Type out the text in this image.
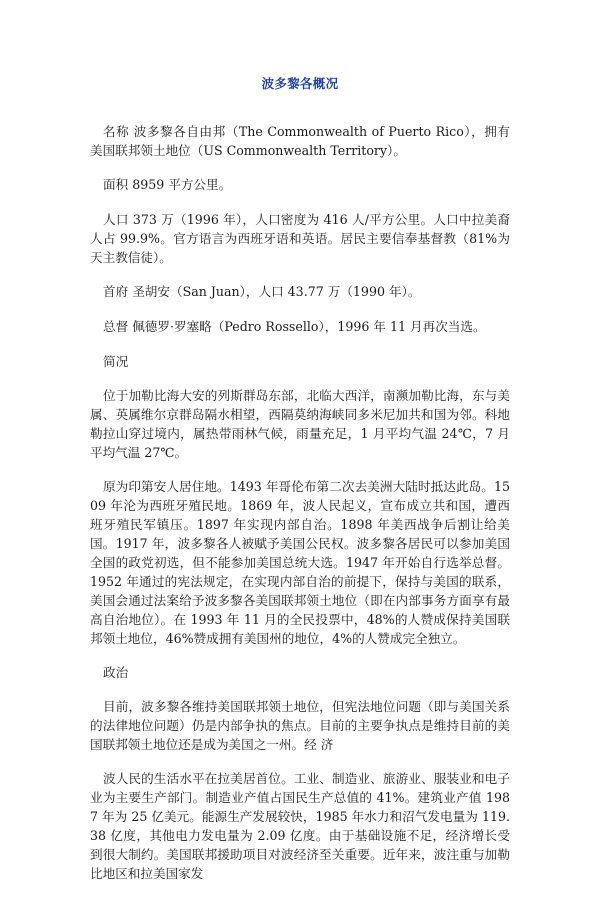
波多黎各概况

名称 波多黎各自由邦（The Commonwealth of Puerto Rico），拥有美国联邦领土地位（US Commonwealth Territory）。

面积 8959 平方公里。

人口 373 万（1996 年），人口密度为 416 人/平方公里。人口中拉美裔人占 99.9%。官方语言为西班牙语和英语。居民主要信奉基督教（81%为天主教信徒）。

首府 圣胡安（San Juan），人口 43.77 万（1990 年）。

总督 佩德罗·罗塞略（Pedro Rossello），1996 年 11 月再次当选。

简况

位于加勒比海大安的列斯群岛东部，北临大西洋，南濒加勒比海，东与美属、英属维尔京群岛隔水相望，西隔莫纳海峡同多米尼加共和国为邻。科地勒拉山穿过境内，属热带雨林气候，雨量充足，1 月平均气温 24℃，7 月平均气温 27℃。

原为印第安人居住地。1493 年哥伦布第二次去美洲大陆时抵达此岛。1509 年沦为西班牙殖民地。1869 年，波人民起义，宣布成立共和国，遭西班牙殖民军镇压。1897 年实现内部自治。1898 年美西战争后割让给美国。1917 年，波多黎各人被赋予美国公民权。波多黎各居民可以参加美国全国的政党初选，但不能参加美国总统大选。1947 年开始自行选举总督。1952 年通过的宪法规定，在实现内部自治的前提下，保持与美国的联系，美国会通过法案给予波多黎各美国联邦领土地位（即在内部事务方面享有最高自治地位）。在 1993 年 11 月的全民投票中，48%的人赞成保持美国联邦领土地位，46%赞成拥有美国州的地位，4%的人赞成完全独立。

政治

目前，波多黎各维持美国联邦领土地位，但宪法地位问题（即与美国关系的法律地位问题）仍是内部争执的焦点。目前的主要争执点是维持目前的美国联邦领土地位还是成为美国之一州。经 济

波人民的生活水平在拉美居首位。工业、制造业、旅游业、服装业和电子业为主要生产部门。制造业产值占国民生产总值的 41%。建筑业产值 1987 年为 25 亿美元。能源生产发展较快，1985 年水力和沼气发电量为 119.38 亿度，其他电力发电量为 2.09 亿度。由于基础设施不足，经济增长受到很大制约。美国联邦援助项目对波经济至关重要。近年来，波注重与加勒比地区和拉美国家发
